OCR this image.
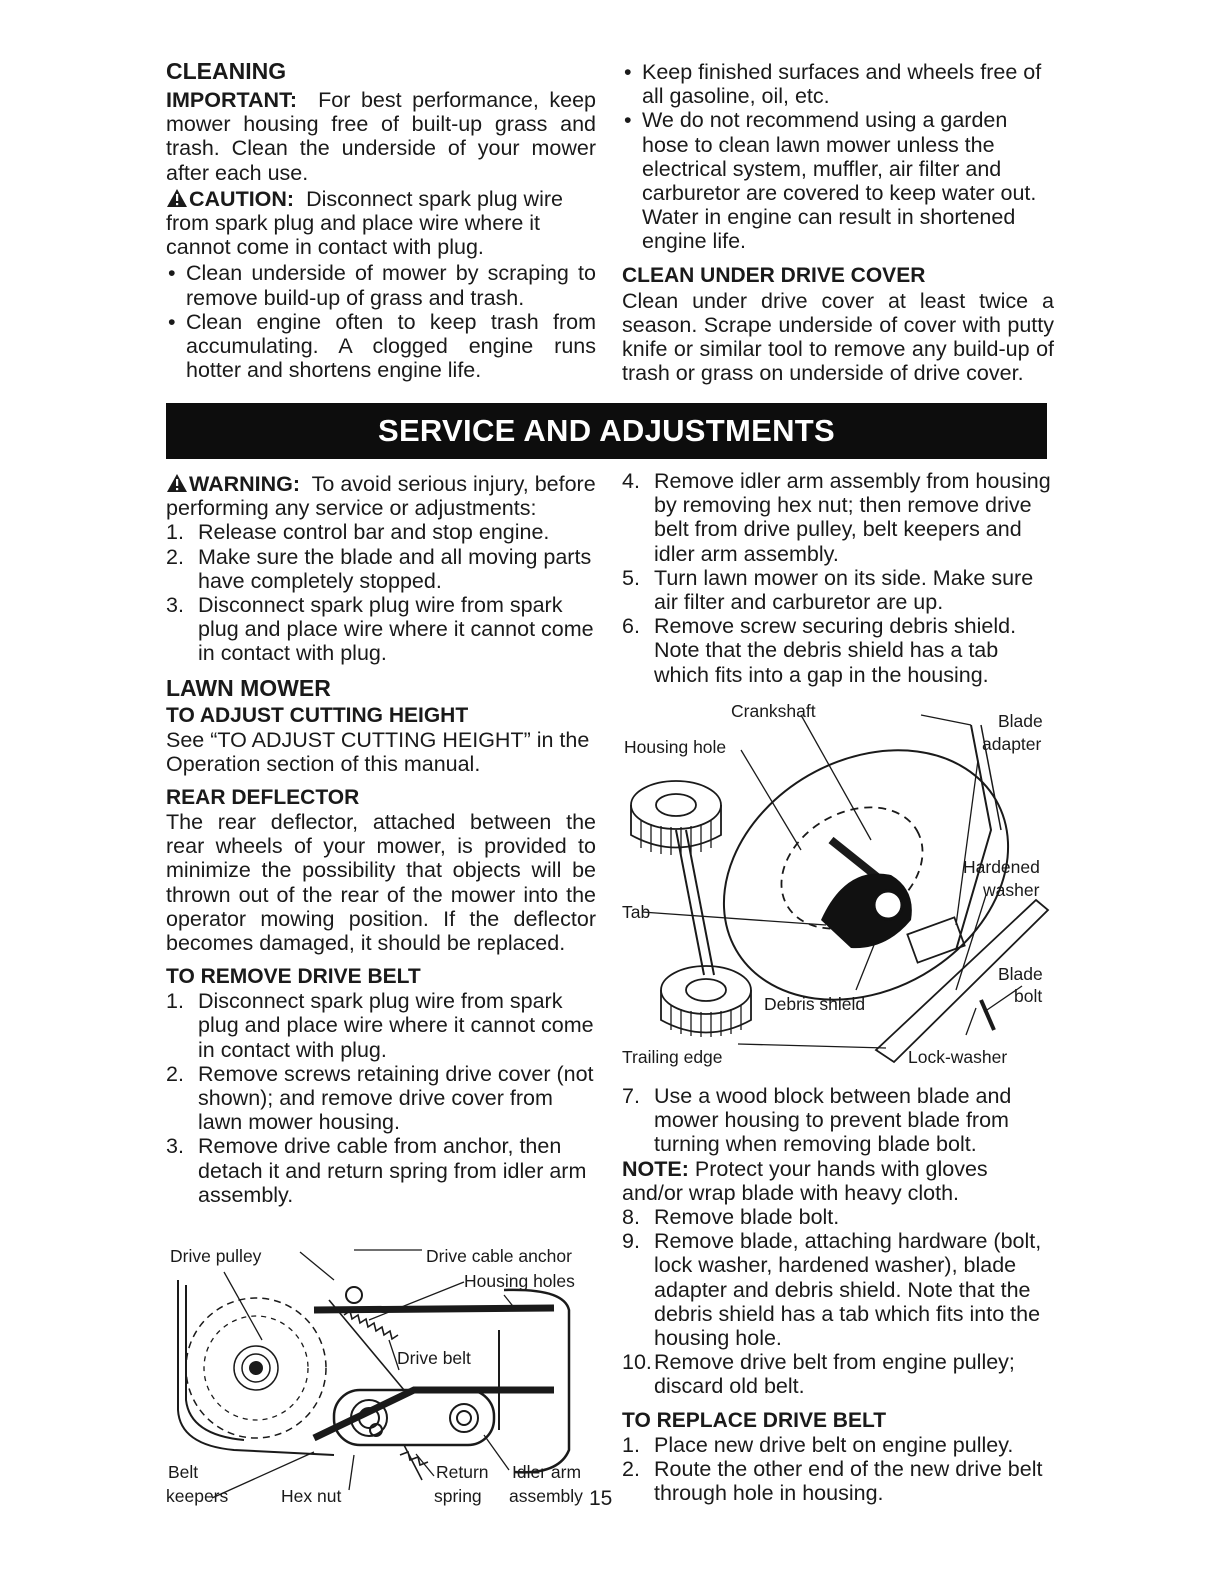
CLEANING

IMPORTANT: For best performance, keep mower housing free of built-up grass and trash. Clean the underside of your mower after each use.

CAUTION: Disconnect spark plug wire from spark plug and place wire where it cannot come in contact with plug.

• Clean underside of mower by scraping to remove build-up of grass and trash.
• Clean engine often to keep trash from accumulating. A clogged engine runs hotter and shortens engine life.
• Keep finished surfaces and wheels free of all gasoline, oil, etc.
• We do not recommend using a garden hose to clean lawn mower unless the electrical system, muffler, air filter and carburetor are covered to keep water out. Water in engine can result in shortened engine life.
CLEAN UNDER DRIVE COVER

Clean under drive cover at least twice a season. Scrape underside of cover with putty knife or similar tool to remove any build-up of trash or grass on underside of drive cover.

SERVICE AND ADJUSTMENTS

WARNING: To avoid serious injury, before performing any service or adjustments:

1. Release control bar and stop engine.
2. Make sure the blade and all moving parts have completely stopped.
3. Disconnect spark plug wire from spark plug and place wire where it cannot come in contact with plug.
LAWN MOWER
TO ADJUST CUTTING HEIGHT

See “TO ADJUST CUTTING HEIGHT” in the Operation section of this manual.

REAR DEFLECTOR

The rear deflector, attached between the rear wheels of your mower, is provided to minimize the possibility that objects will be thrown out of the rear of the mower into the operator mowing position. If the deflector becomes damaged, it should be replaced.

TO REMOVE DRIVE BELT
1. Disconnect spark plug wire from spark plug and place wire where it cannot come in contact with plug.
2. Remove screws retaining drive cover (not shown); and remove drive cover from lawn mower housing.
3. Remove drive cable from anchor, then detach it and return spring from idler arm assembly.
Drive pulley	Drive cable anchor
Housing holes
Drive belt
Belt
keepers	Hex nut
Return
spring
Idler arm
assembly
4. Remove idler arm assembly from housing by removing hex nut; then remove drive belt from drive pulley, belt keepers and idler arm assembly.
5. Turn lawn mower on its side. Make sure air filter and carburetor are up.
6. Remove screw securing debris shield. Note that the debris shield has a tab which fits into a gap in the housing.
Crankshaft
Housing hole
Blade
adapter
Hardened
washer
Tab
Blade
bolt
Debris shield
Trailing edge	Lock-washer
7. Use a wood block between blade and mower housing to prevent blade from turning when removing blade bolt.

NOTE: Protect your hands with gloves and/or wrap blade with heavy cloth.

8. Remove blade bolt.
9. Remove blade, attaching hardware (bolt, lock washer, hardened washer), blade adapter and debris shield. Note that the debris shield has a tab which fits into the housing hole.
10. Remove drive belt from engine pulley; discard old belt.
TO REPLACE DRIVE BELT
1. Place new drive belt on engine pulley.
2. Route the other end of the new drive belt through hole in housing.
15
